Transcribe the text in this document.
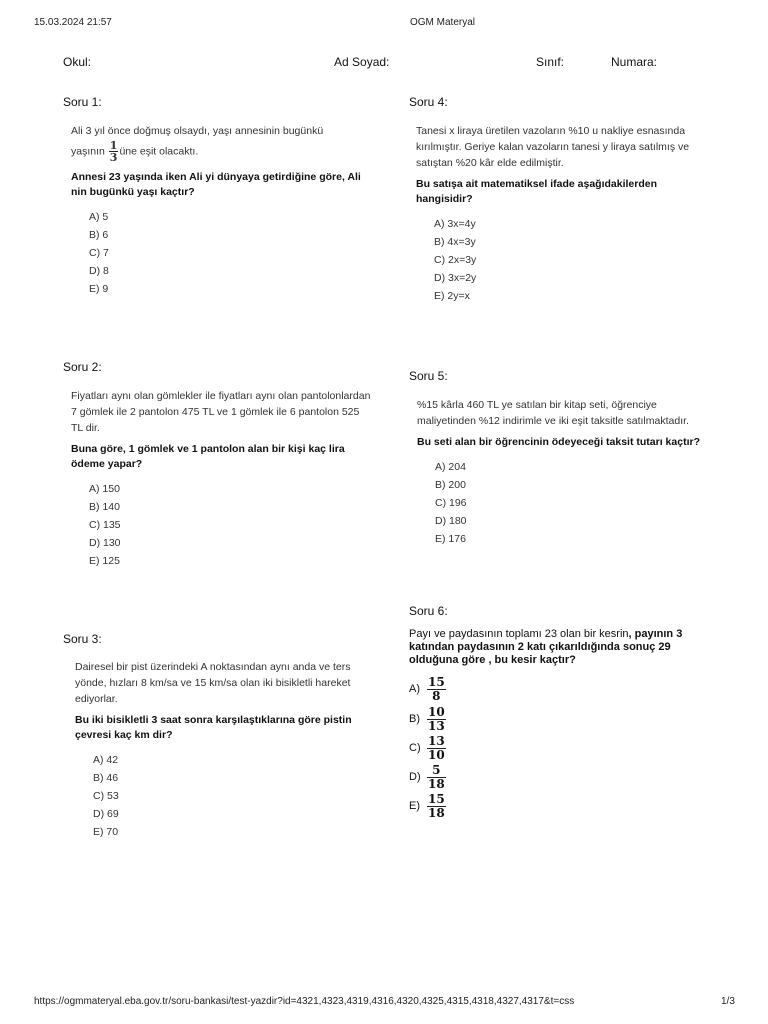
15.03.2024 21:57	OGM Materyal
Okul:	Ad Soyad:	Sınıf:	Numara:
Soru 1:

Ali 3 yıl önce doğmuş olsaydı, yaşı annesinin bugünkü

yaşının $\frac{1}{3}$ üne eşit olacaktı.

Annesi 23 yaşında iken Ali yi dünyaya getirdiğine göre, Ali nin bugünkü yaşı kaçtır?

A) 5
B) 6
C) 7
D) 8
E) 9
Soru 2:

Fiyatları aynı olan gömlekler ile fiyatları aynı olan pantolonlardan 7 gömlek ile 2 pantolon 475 TL ve 1 gömlek ile 6 pantolon 525 TL dir.

Buna göre, 1 gömlek ve 1 pantolon alan bir kişi kaç lira ödeme yapar?

A) 150
B) 140
C) 135
D) 130
E) 125
Soru 3:

Dairesel bir pist üzerindeki A noktasından aynı anda ve ters yönde, hızları 8 km/sa ve 15 km/sa olan iki bisikletli hareket ediyorlar.

Bu iki bisikletli 3 saat sonra karşılaştıklarına göre pistin çevresi kaç km dir?

A) 42
B) 46
C) 53
D) 69
E) 70
Soru 4:

Tanesi x liraya üretilen vazoların %10 u nakliye esnasında kırılmıştır. Geriye kalan vazoların tanesi y liraya satılmış ve satıştan %20 kâr elde edilmiştir.

Bu satışa ait matematiksel ifade aşağıdakilerden hangisidir?

A) 3x=4y
B) 4x=3y
C) 2x=3y
D) 3x=2y
E) 2y=x
Soru 5:

%15 kârla 460 TL ye satılan bir kitap seti, öğrenciye maliyetinden %12 indirimle ve iki eşit taksitle satılmaktadır.

Bu seti alan bir öğrencinin ödeyeceği taksit tutarı kaçtır?

A) 204
B) 200
C) 196
D) 180
E) 176
Soru 6:
Payı ve paydasının toplamı 23 olan bir kesrin, payının 3 katından paydasının 2 katı çıkarıldığında sonuç 29 olduğuna göre , bu kesir kaçtır?
$A) \frac{15}{8}$
$B) \frac{10}{13}$
$C) \frac{13}{10}$
$D) \frac{5}{18}$
$E) \frac{15}{18}$
https://ogmmateryal.eba.gov.tr/soru-bankasi/test-yazdir?id=4321,4323,4319,4316,4320,4325,4315,4318,4327,4317&t=css	1/3
